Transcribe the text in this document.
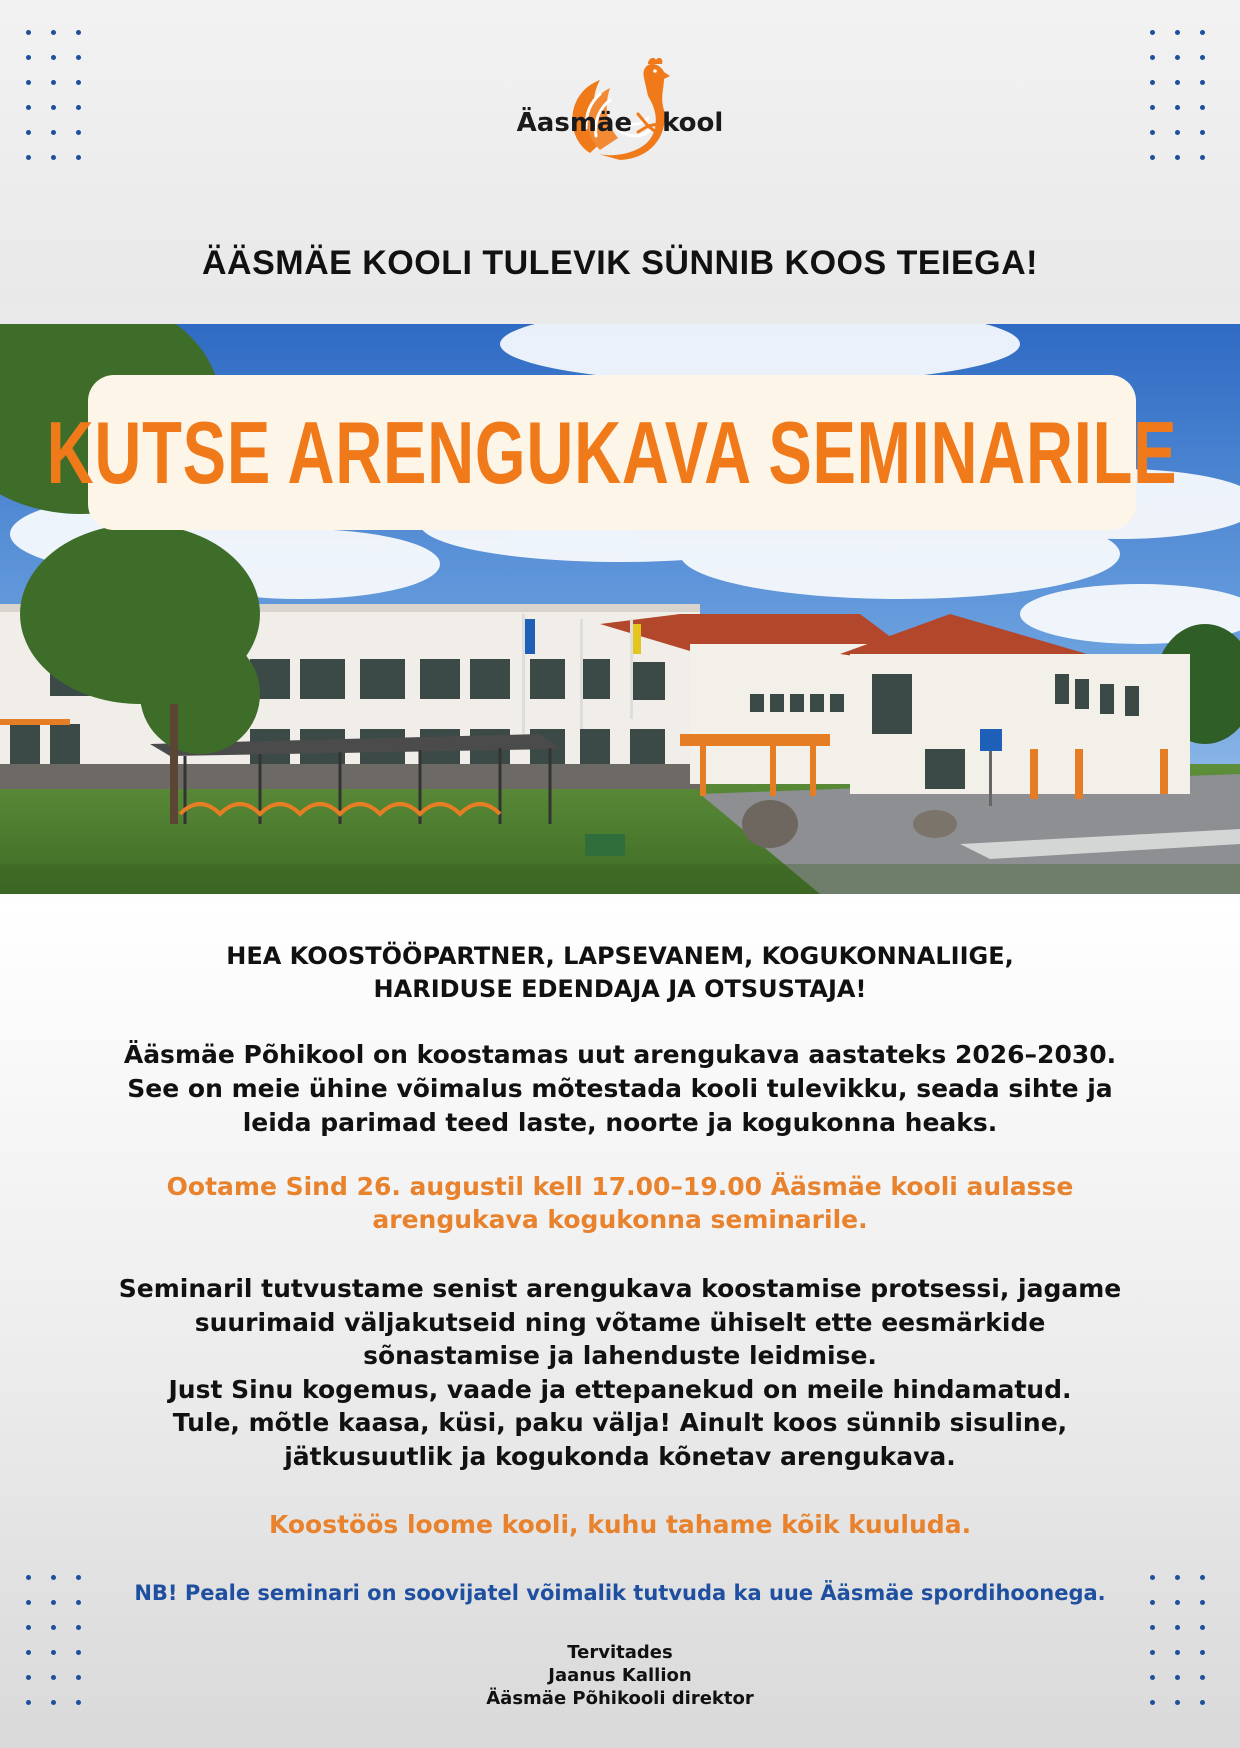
Äasmäe kool
ÄÄSMÄE KOOLI TULEVIK SÜNNIB KOOS TEIEGA!
KUTSE ARENGUKAVA SEMINARILE
HEA KOOSTÖÖPARTNER, LAPSEVANEM, KOGUKONNALIIGE,
HARIDUSE EDENDAJA JA OTSUSTAJA!
Ääsmäe Põhikool on koostamas uut arengukava aastateks 2026–2030.
See on meie ühine võimalus mõtestada kooli tulevikku, seada sihte ja
leida parimad teed laste, noorte ja kogukonna heaks.
Ootame Sind 26. augustil kell 17.00–19.00 Ääsmäe kooli aulasse
arengukava kogukonna seminarile.
Seminaril tutvustame senist arengukava koostamise protsessi, jagame
suurimaid väljakutseid ning võtame ühiselt ette eesmärkide
sõnastamise ja lahenduste leidmise.
Just Sinu kogemus, vaade ja ettepanekud on meile hindamatud.
Tule, mõtle kaasa, küsi, paku välja! Ainult koos sünnib sisuline,
jätkusuutlik ja kogukonda kõnetav arengukava.
Koostöös loome kooli, kuhu tahame kõik kuuluda.
NB! Peale seminari on soovijatel võimalik tutvuda ka uue Ääsmäe spordihoonega.
Tervitades
Jaanus Kallion
Ääsmäe Põhikooli direktor
